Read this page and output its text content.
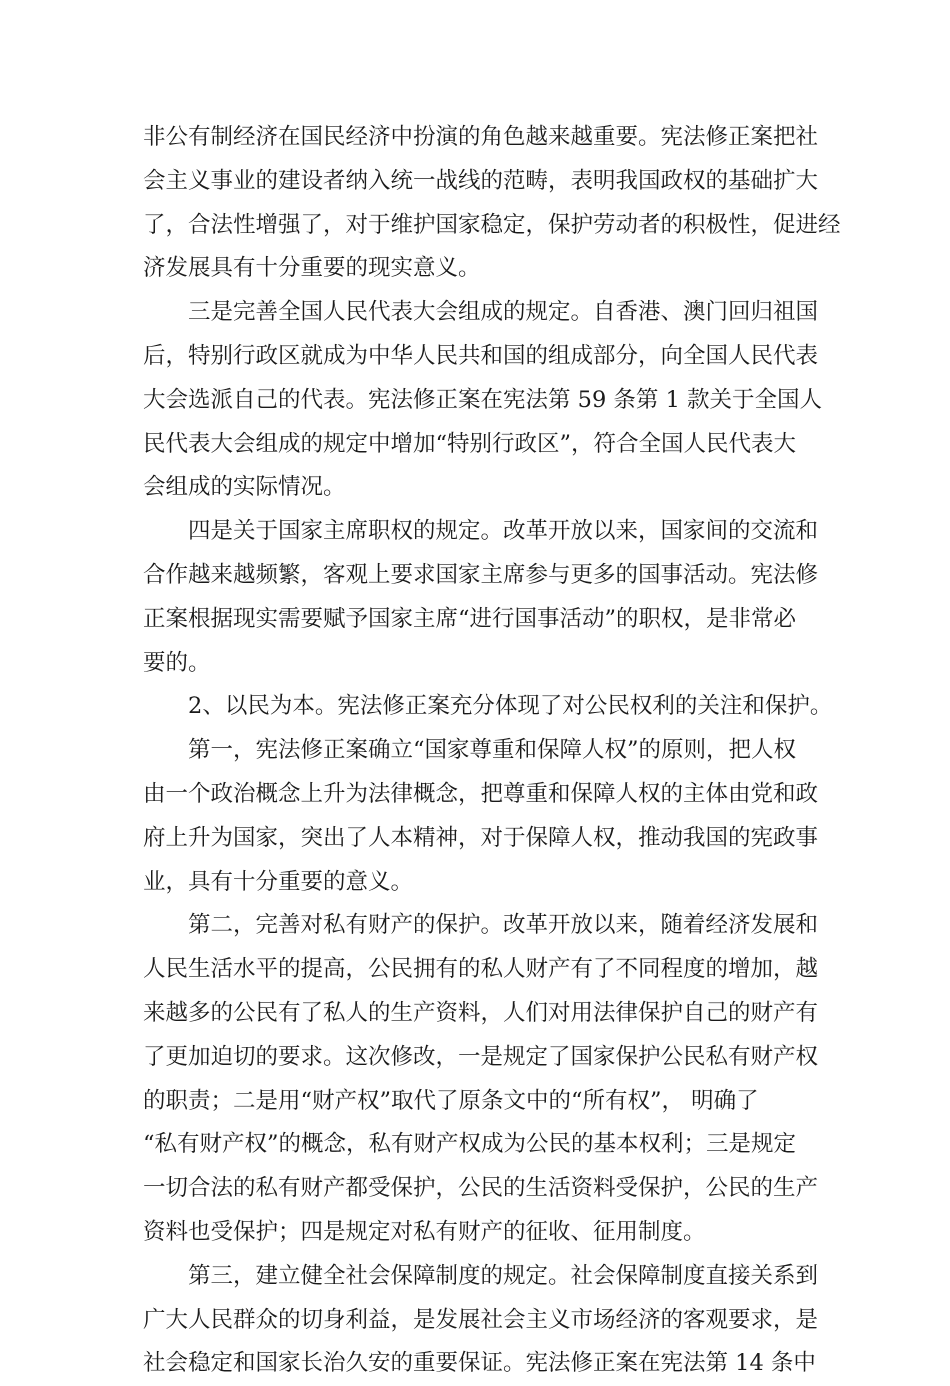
非公有制经济在国民经济中扮演的角色越来越重要。宪法修正案把社
会主义事业的建设者纳入统一战线的范畴，表明我国政权的基础扩大
了，合法性增强了，对于维护国家稳定，保护劳动者的积极性，促进经
济发展具有十分重要的现实意义。
三是完善全国人民代表大会组成的规定。自香港、澳门回归祖国
后，特别行政区就成为中华人民共和国的组成部分，向全国人民代表
大会选派自己的代表。宪法修正案在宪法第 59 条第 1 款关于全国人
民代表大会组成的规定中增加“特别行政区”，符合全国人民代表大
会组成的实际情况。
四是关于国家主席职权的规定。改革开放以来，国家间的交流和
合作越来越频繁，客观上要求国家主席参与更多的国事活动。宪法修
正案根据现实需要赋予国家主席“进行国事活动”的职权，是非常必
要的。
2、以民为本。宪法修正案充分体现了对公民权利的关注和保护。
第一，宪法修正案确立“国家尊重和保障人权”的原则，把人权
由一个政治概念上升为法律概念，把尊重和保障人权的主体由党和政
府上升为国家，突出了人本精神，对于保障人权，推动我国的宪政事
业，具有十分重要的意义。
第二，完善对私有财产的保护。改革开放以来，随着经济发展和
人民生活水平的提高，公民拥有的私人财产有了不同程度的增加，越
来越多的公民有了私人的生产资料，人们对用法律保护自己的财产有
了更加迫切的要求。这次修改，一是规定了国家保护公民私有财产权
的职责；二是用“财产权”取代了原条文中的“所有权”， 明确了
“私有财产权”的概念，私有财产权成为公民的基本权利；三是规定
一切合法的私有财产都受保护，公民的生活资料受保护，公民的生产
资料也受保护；四是规定对私有财产的征收、征用制度。
第三，建立健全社会保障制度的规定。社会保障制度直接关系到
广大人民群众的切身利益，是发展社会主义市场经济的客观要求，是
社会稳定和国家长治久安的重要保证。宪法修正案在宪法第 14 条中
